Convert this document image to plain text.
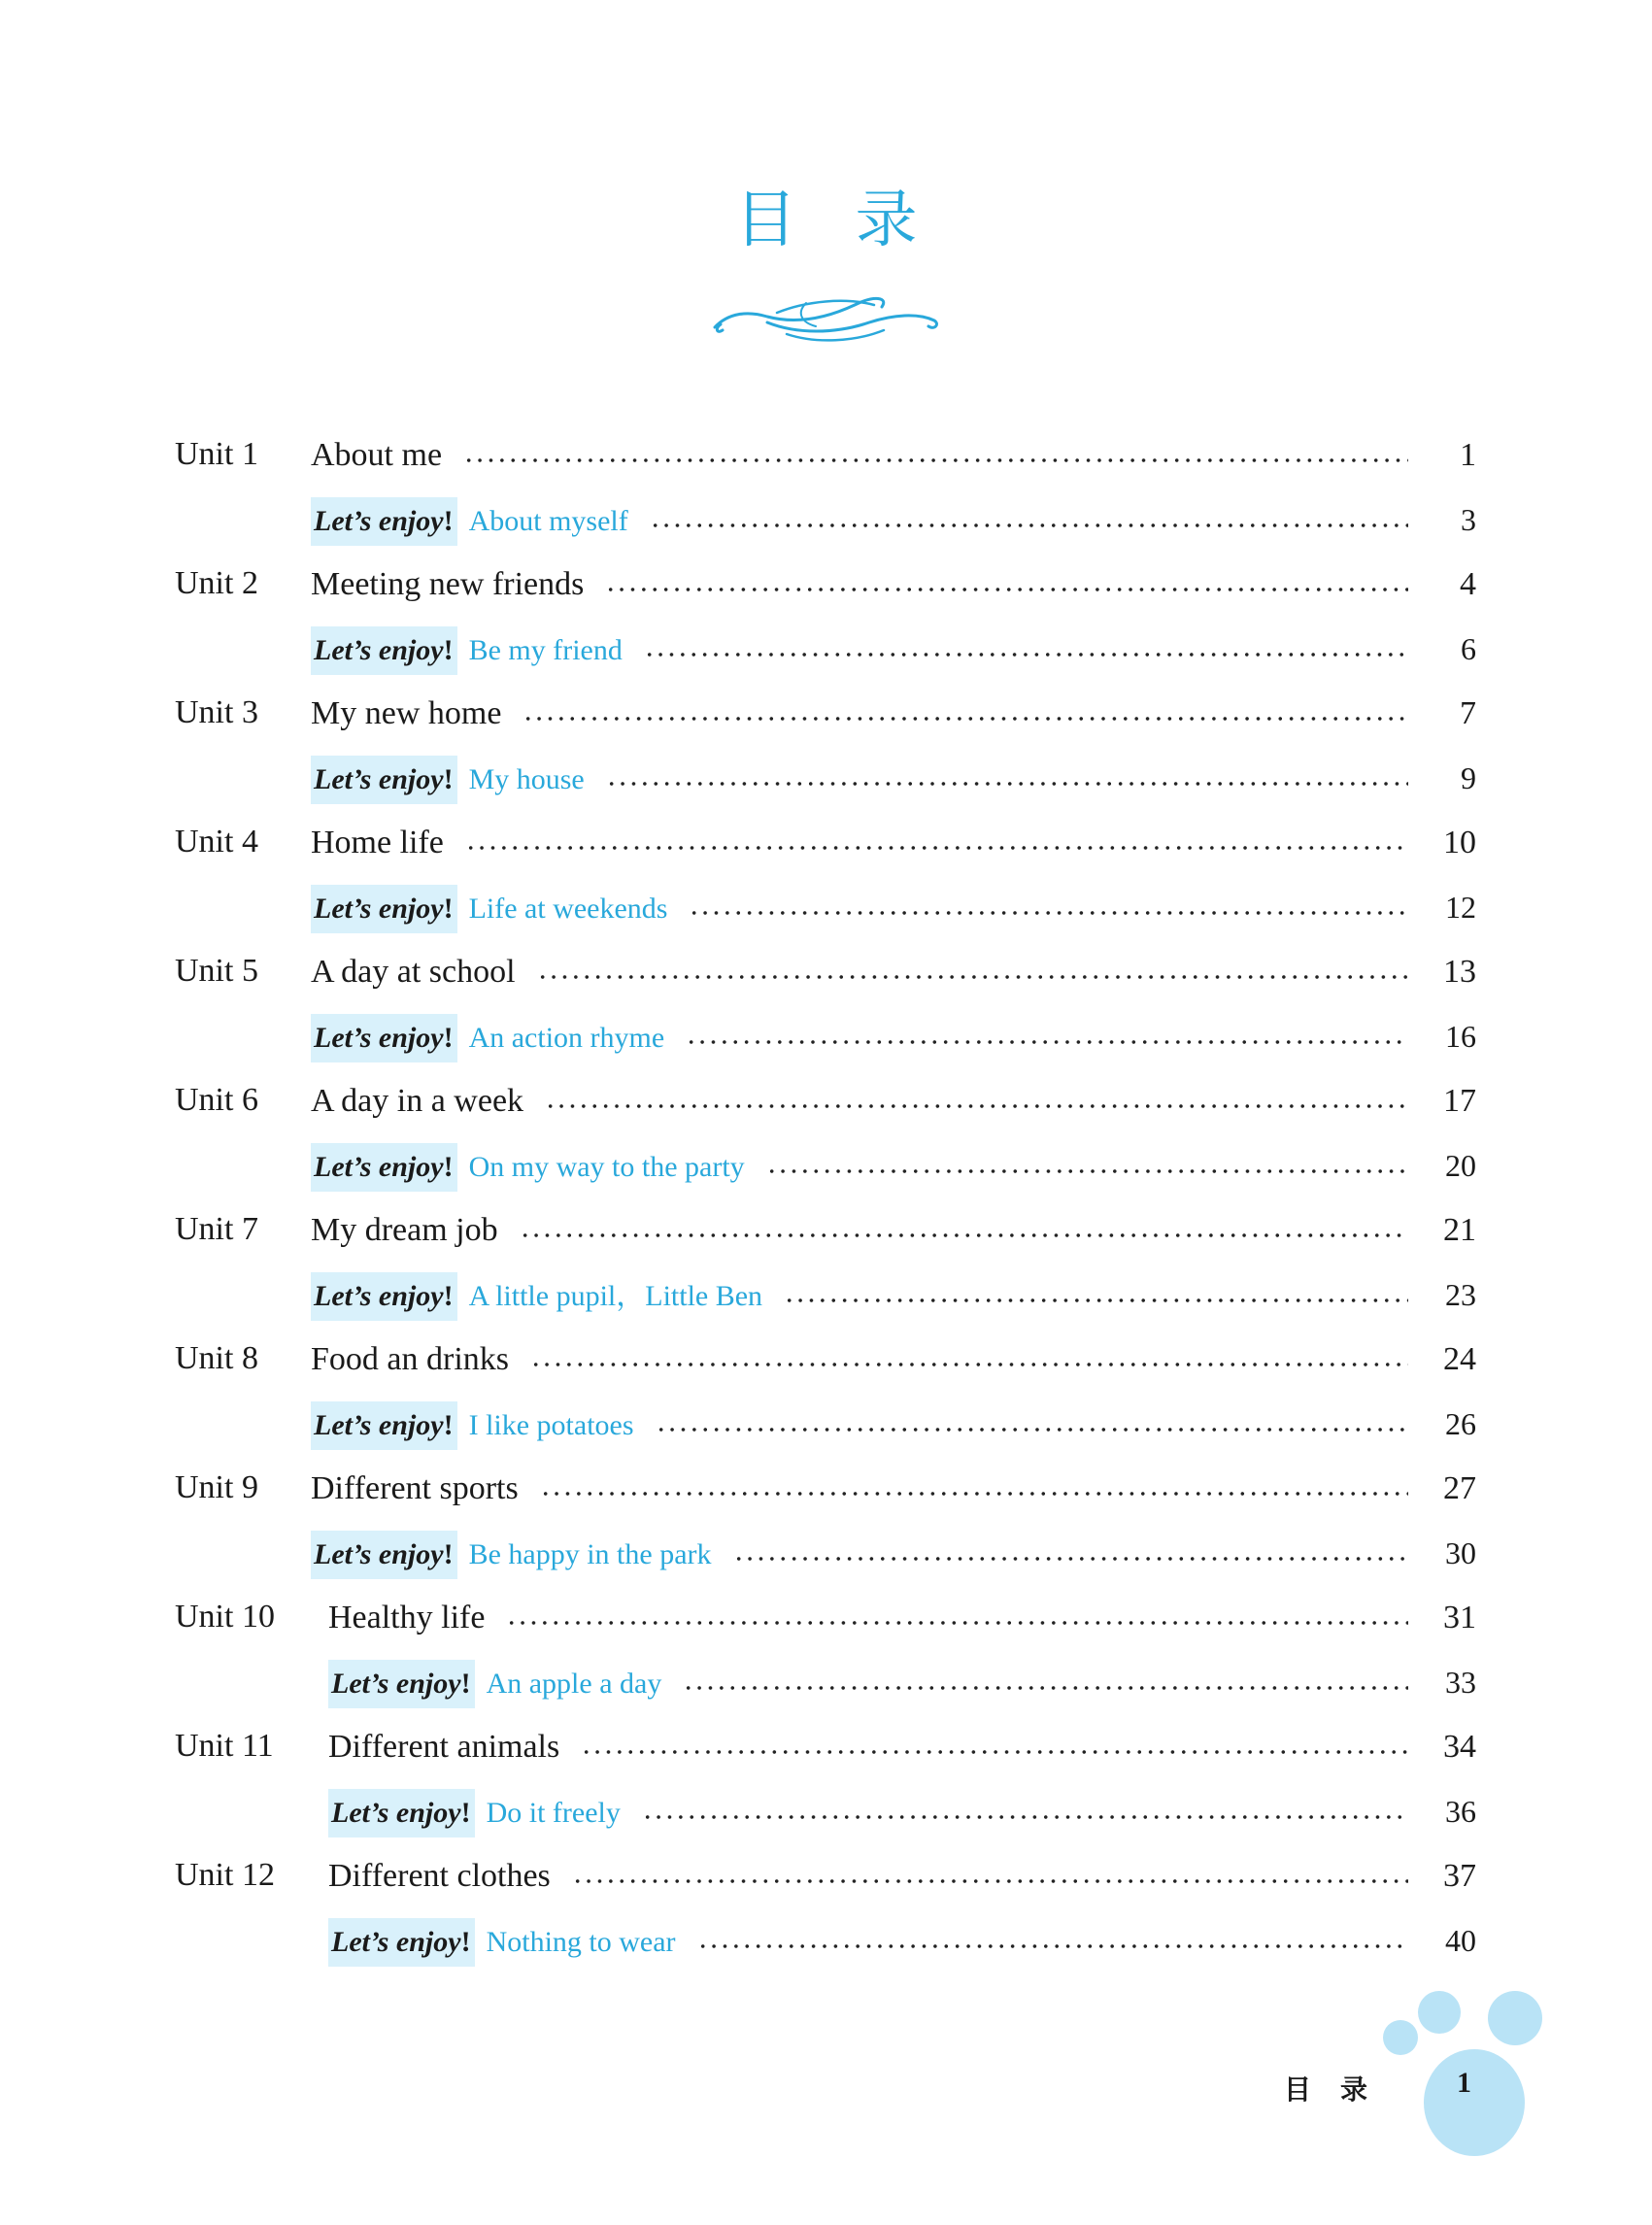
目录
Unit 1 About me	1
Let’s enjoy! About myself	3
Unit 2 Meeting new friends	4
Let’s enjoy! Be my friend	6
Unit 3 My new home	7
Let’s enjoy! My house	9
Unit 4 Home life	10
Let’s enjoy! Life at weekends	12
Unit 5 A day at school	13
Let’s enjoy! An action rhyme	16
Unit 6 A day in a week	17
Let’s enjoy! On my way to the party	20
Unit 7 My dream job	21
Let’s enjoy! A little pupil，Little Ben	23
Unit 8 Food an drinks	24
Let’s enjoy! I like potatoes	26
Unit 9 Different sports	27
Let’s enjoy! Be happy in the park	30
Unit 10 Healthy life	31
Let’s enjoy! An apple a day	33
Unit 11 Different animals	34
Let’s enjoy! Do it freely	36
Unit 12 Different clothes	37
Let’s enjoy! Nothing to wear	40
目录 1
